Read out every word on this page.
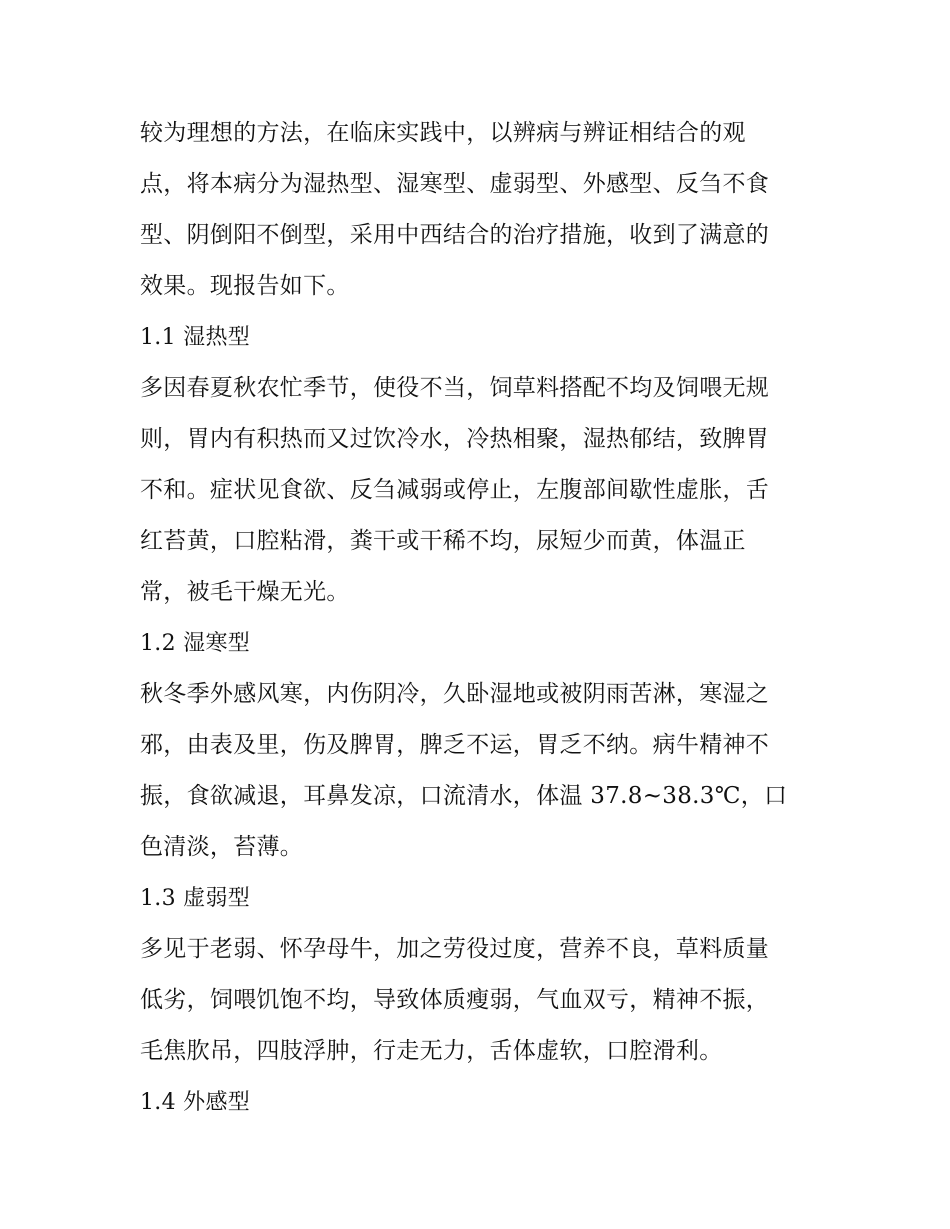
较为理想的方法，在临床实践中，以辨病与辨证相结合的观
点，将本病分为湿热型、湿寒型、虚弱型、外感型、反刍不食
型、阴倒阳不倒型，采用中西结合的治疗措施，收到了满意的
效果。现报告如下。
1.1 湿热型
多因春夏秋农忙季节，使役不当，饲草料搭配不均及饲喂无规
则，胃内有积热而又过饮冷水，冷热相聚，湿热郁结，致脾胃
不和。症状见食欲、反刍减弱或停止，左腹部间歇性虚胀，舌
红苔黄，口腔粘滑，粪干或干稀不均，尿短少而黄，体温正
常，被毛干燥无光。
1.2 湿寒型
秋冬季外感风寒，内伤阴冷，久卧湿地或被阴雨苦淋，寒湿之
邪，由表及里，伤及脾胃，脾乏不运，胃乏不纳。病牛精神不
振，食欲减退，耳鼻发凉，口流清水，体温 37.8~38.3℃，口
色清淡，苔薄。
1.3 虚弱型
多见于老弱、怀孕母牛，加之劳役过度，营养不良，草料质量
低劣，饲喂饥饱不均，导致体质瘦弱，气血双亏，精神不振，
毛焦肷吊，四肢浮肿，行走无力，舌体虚软，口腔滑利。
1.4 外感型
